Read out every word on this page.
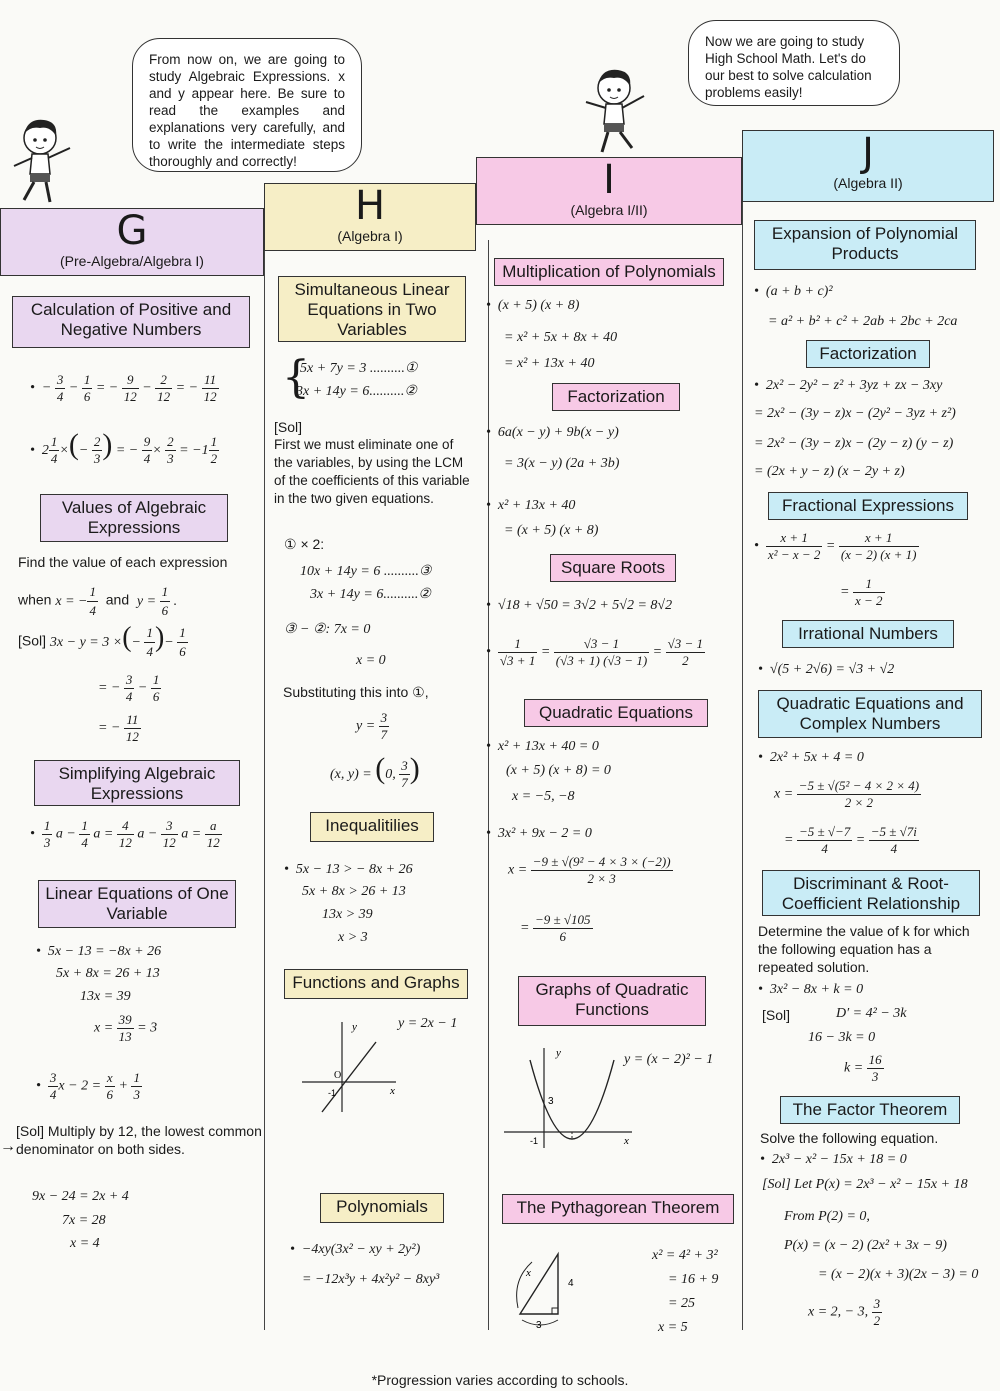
From now on, we are going to study Algebraic Expressions. x and y appear here. Be sure to read the examples and explanations very carefully, and to write the intermediate steps thoroughly and correctly!
Now we are going to study High School Math. Let's do our best to solve calculation problems easily!
G
(Pre-Algebra/Algebra I)
H
(Algebra I)
I
(Algebra I/II)
J
(Algebra II)
Calculation of Positive and Negative Numbers
•  − $\frac{3}{4} - \frac{1}{6}$ = − $\frac{9}{12} - \frac{2}{12}$ = − $\frac{11}{12}$
•  $2 \frac{1}{4}$ ×(− $\frac{2}{3}$ ) = − $\frac{9}{4} \times \frac{2}{3} = -1 \frac{1}{2}$
Values of Algebraic Expressions
Find the value of each expression
when x = − $\frac{1}{4}$ and  $y = \frac{1}{6}$ .
[Sol] 3x − y = 3 ×(− $\frac{1}{4}$ )− $\frac{1}{6}$
= − $\frac{3}{4} - \frac{1}{6}$
= − $\frac{11}{12}$
Simplifying Algebraic Expressions
• $\frac{1}{3}$ $a - \frac{1}{4}$ $a = \frac{4}{12}$ $a - \frac{3}{12}$ $a = \frac{a}{12}$
Linear Equations of One Variable
•  5x − 13 = −8x + 26
5x + 8x = 26 + 13
13x = 39
$x = \frac{39}{13} = 3$
• $\frac{3}{4}$ $x - 2 = \frac{x}{6} + \frac{1}{3}$
[Sol] Multiply by 12, the lowest common denominator on both sides.
→
9x − 24 = 2x + 4
7x = 28
x = 4
Simultaneous Linear Equations in Two Variables
{
5x + 7y = 3 ..........①
3x + 14y = 6..........②
[Sol]
First we must eliminate one of the variables, by using the LCM of the coefficients of this variable in the two given equations.
① × 2:
10x + 14y = 6 ..........③
3x + 14y = 6..........②
③ − ②: 7x = 0
x = 0
Substituting this into ①,
$y = \frac{3}{7}$
(x, y) = (0, $\frac{3}{7}$ )
Inequalitilies
•  5x − 13 > − 8x + 26
5x + 8x > 26 + 13
13x > 39
x > 3
Functions and Graphs
y
x
O
-1
y = 2x − 1
Polynomials
•  −4xy(3x² − xy + 2y²)
= −12x³y + 4x²y² − 8xy³
Multiplication of Polynomials
•  (x + 5) (x + 8)
= x² + 5x + 8x + 40
= x² + 13x + 40
Factorization
•  6a(x − y) + 9b(x − y)
= 3(x − y) (2a + 3b)
•  x² + 13x + 40
= (x + 5) (x + 8)
Square Roots
•  √18 + √50 = 3√2 + 5√2 = 8√2
• $\frac{1}{√3 + 1} = \frac{√3 - 1}{(√3 + 1) (√3 - 1)} = \frac{√3 - 1}{2}$
Quadratic Equations
•  x² + 13x + 40 = 0
(x + 5) (x + 8) = 0
x = −5, −8
•  3x² + 9x − 2 = 0
$x = \frac{\text{−9 ± √(9² − 4 × 3 × (−2))}}{2 \times 3}$
= $\frac{-9 \pm √105}{6}$
Graphs of Quadratic Functions
y
x
3
-1
y = (x − 2)² − 1
The Pythagorean Theorem
x
4
3
x² = 4² + 3²
= 16 + 9
= 25
x = 5
Expansion of Polynomial Products
•  (a + b + c)²
= a² + b² + c² + 2ab + 2bc + 2ca
Factorization
•  2x² − 2y² − z² + 3yz + zx − 3xy
= 2x² − (3y − z)x − (2y² − 3yz + z²)
= 2x² − (3y − z)x − (2y − z) (y − z)
= (2x + y − z) (x − 2y + z)
Fractional Expressions
• $\frac{x + 1}{\text{x² − x − 2}} = \frac{x + 1}{(x - 2) (x + 1)}$
= $\frac{1}{x - 2}$
Irrational Numbers
•  √(5 + 2√6) = √3 + √2
Quadratic Equations and Complex Numbers
•  2x² + 5x + 4 = 0
$x = \frac{\text{−5 ± √(5² − 4 × 2 × 4)}}{2 \times 2}$
= $\frac{-5 \pm √-7}{4} = \frac{-5 \pm √7i}{4}$
Discriminant & Root-Coefficient Relationship
Determine the value of k for which the following equation has a repeated solution.
•  3x² − 8x + k = 0
[Sol]	D′ = 4² − 3k
16 − 3k = 0
$k = \frac{16}{3}$
The Factor Theorem
Solve the following equation.
•  2x³ − x² − 15x + 18 = 0
[Sol] Let P(x) = 2x³ − x² − 15x + 18
From P(2) = 0,
P(x) = (x − 2) (2x² + 3x − 9)
= (x − 2)(x + 3)(2x − 3) = 0
x = 2, − 3, $\frac{3}{2}$
*Progression varies according to schools.
